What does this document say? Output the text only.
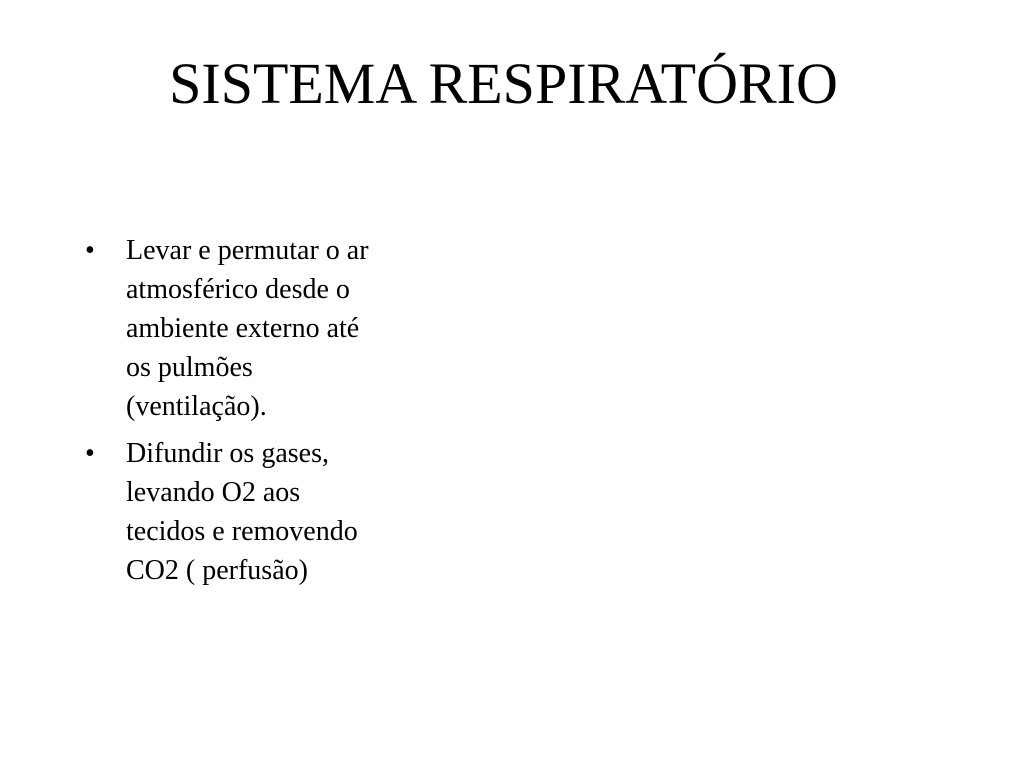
SISTEMA RESPIRATÓRIO
• Levar e permutar o ar
atmosférico desde o
ambiente externo até
os pulmões
(ventilação).
• Difundir os gases,
levando O2 aos
tecidos e removendo
CO2 ( perfusão)
